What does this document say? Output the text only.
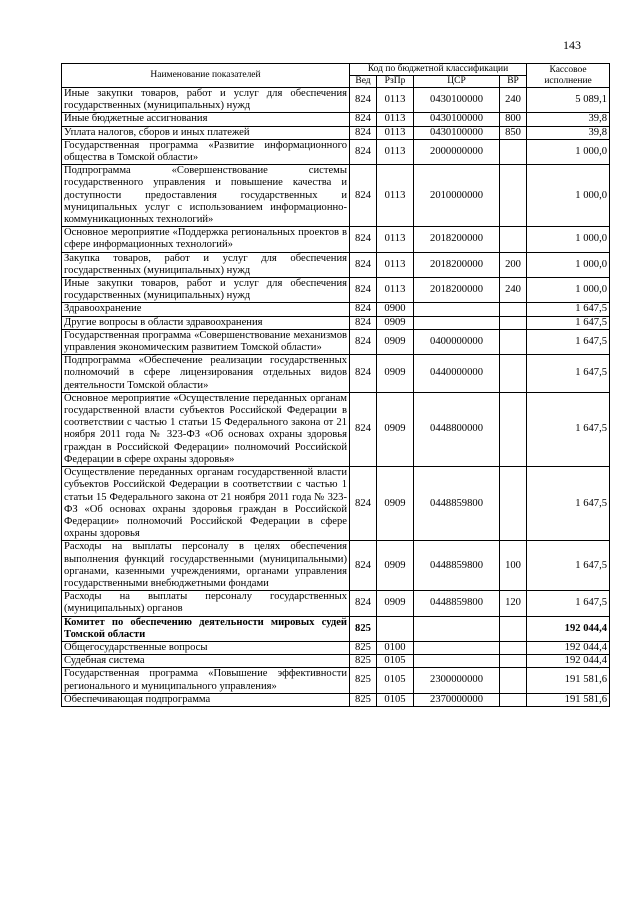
143
Наименование показателей	Код по бюджетной классификации				Кассовое исполнение
	Вед	РзПр	ЦСР	ВР	
Иные закупки товаров, работ и услуг для обеспечения государственных (муниципальных) нужд	824	0113	0430100000	240	5 089,1
Иные бюджетные ассигнования	824	0113	0430100000	800	39,8
Уплата налогов, сборов и иных платежей	824	0113	0430100000	850	39,8
Государственная программа «Развитие информационного общества в Томской области»	824	0113	2000000000		1 000,0
Подпрограмма «Совершенствование системы государственного управления и повышение качества и доступности предоставления государственных и муниципальных услуг с использованием информационно-коммуникационных технологий»	824	0113	2010000000		1 000,0
Основное мероприятие «Поддержка региональных проектов в сфере информационных технологий»	824	0113	2018200000		1 000,0
Закупка товаров, работ и услуг для обеспечения государственных (муниципальных) нужд	824	0113	2018200000	200	1 000,0
Иные закупки товаров, работ и услуг для обеспечения государственных (муниципальных) нужд	824	0113	2018200000	240	1 000,0
Здравоохранение	824	0900			1 647,5
Другие вопросы в области здравоохранения	824	0909			1 647,5
Государственная программа «Совершенствование механизмов управления экономическим развитием Томской области»	824	0909	0400000000		1 647,5
Подпрограмма «Обеспечение реализации государственных полномочий в сфере лицензирования отдельных видов деятельности Томской области»	824	0909	0440000000		1 647,5
Основное мероприятие «Осуществление переданных органам государственной власти субъектов Российской Федерации в соответствии с частью 1 статьи 15 Федерального закона от 21 ноября 2011 года № 323-ФЗ «Об основах охраны здоровья граждан в Российской Федерации» полномочий Российской Федерации в сфере охраны здоровья»	824	0909	0448800000		1 647,5
Осуществление переданных органам государственной власти субъектов Российской Федерации в соответствии с частью 1 статьи 15 Федерального закона от 21 ноября 2011 года № 323-ФЗ «Об основах охраны здоровья граждан в Российской Федерации» полномочий Российской Федерации в сфере охраны здоровья	824	0909	0448859800		1 647,5
Расходы на выплаты персоналу в целях обеспечения выполнения функций государственными (муниципальными) органами, казенными учреждениями, органами управления государственными внебюджетными фондами	824	0909	0448859800	100	1 647,5
Расходы на выплаты персоналу государственных (муниципальных) органов	824	0909	0448859800	120	1 647,5
Комитет по обеспечению деятельности мировых судей Томской области	825				192 044,4
Общегосударственные вопросы	825	0100			192 044,4
Судебная система	825	0105			192 044,4
Государственная программа «Повышение эффективности регионального и муниципального управления»	825	0105	2300000000		191 581,6
Обеспечивающая подпрограмма	825	0105	2370000000		191 581,6
